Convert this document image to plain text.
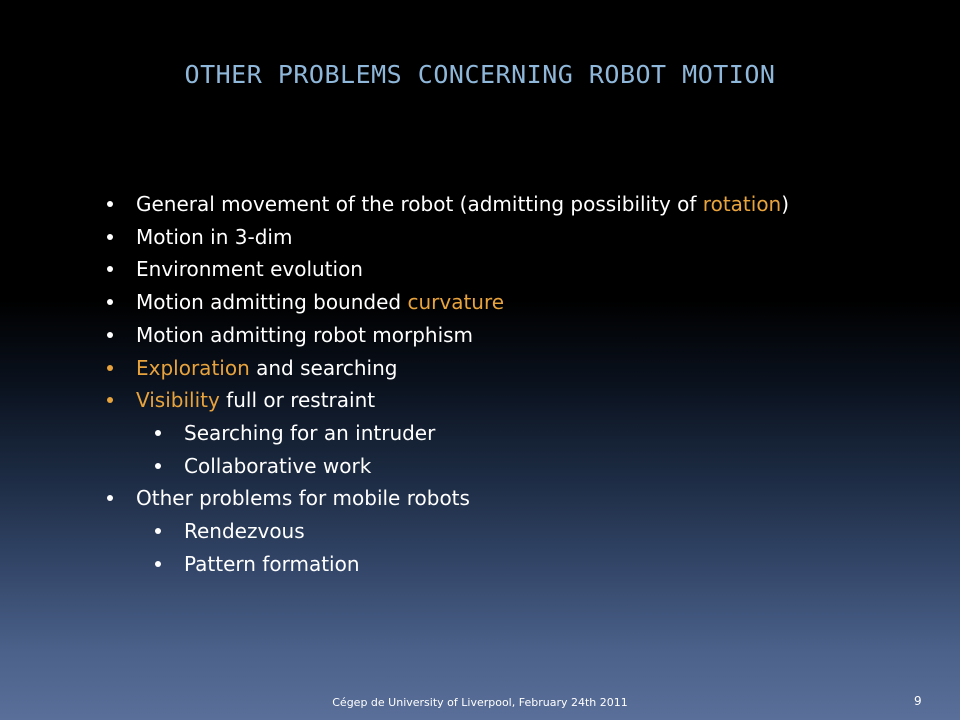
OTHER PROBLEMS CONCERNING ROBOT MOTION
General movement of the robot (admitting possibility of rotation)
Motion in 3-dim
Environment evolution
Motion admitting bounded curvature
Motion admitting robot morphism
Exploration and searching
Visibility full or restraint
Searching for an intruder
Collaborative work
Other problems for mobile robots
Rendezvous
Pattern formation
Cégep de University of Liverpool, February 24th 2011	9
